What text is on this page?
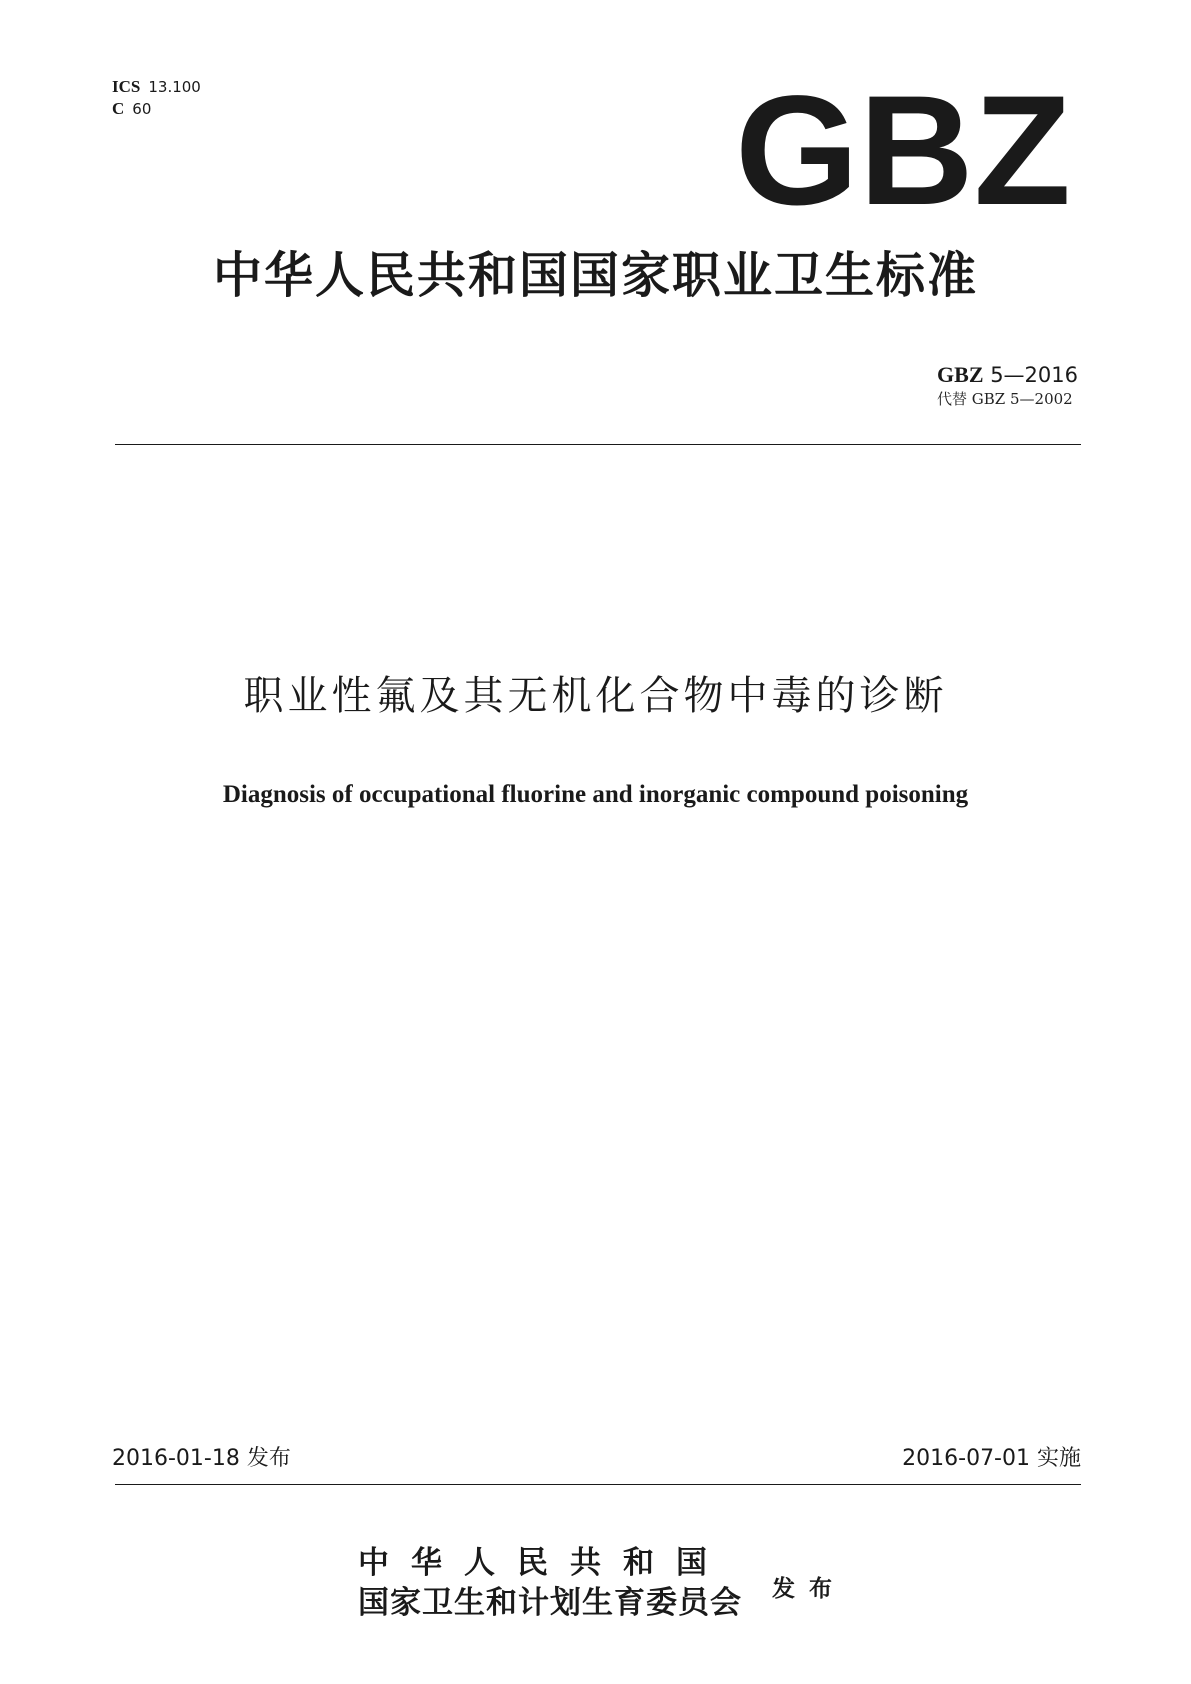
ICS 13.100
C 60	GBZ
中华人民共和国国家职业卫生标准
GBZ 5—2016
代替 GBZ 5—2002
职业性氟及其无机化合物中毒的诊断
Diagnosis of occupational fluorine and inorganic compound poisoning
2016-01-18 发布	2016-07-01 实施
中华人民共和国
国家卫生和计划生育委员会 发布
